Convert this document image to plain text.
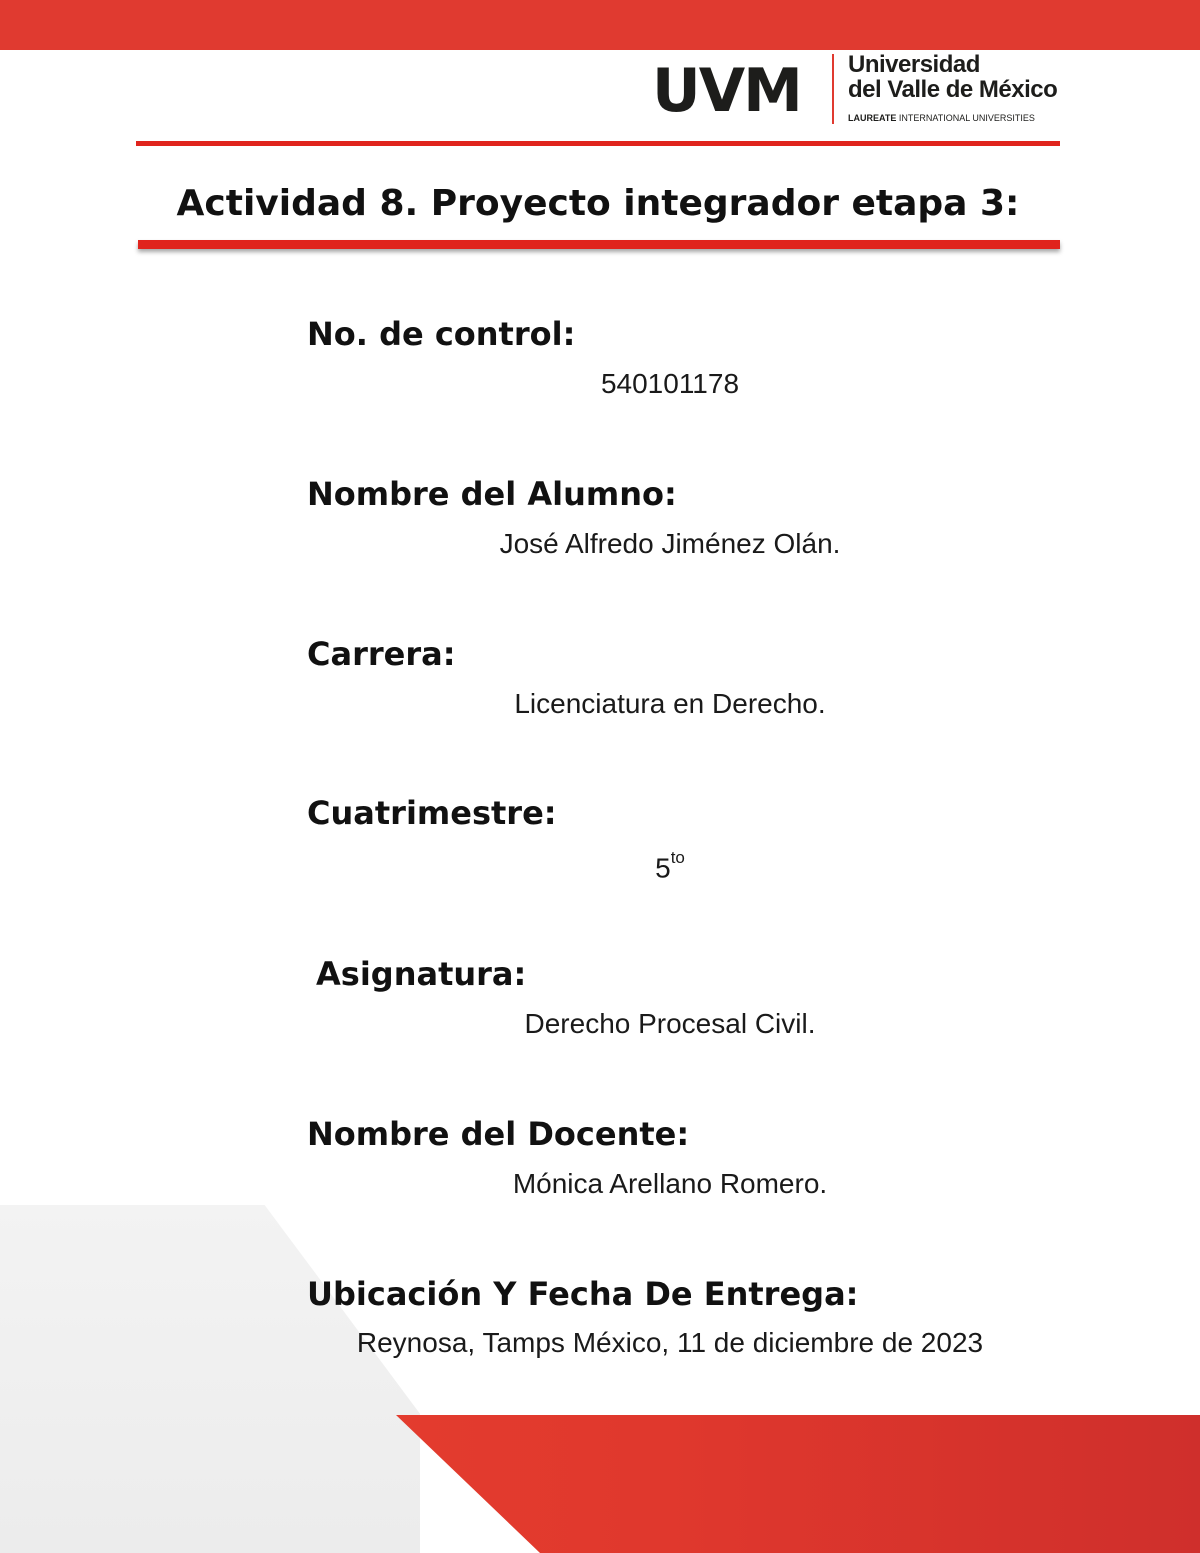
UVM Universidad
del Valle de México
LAUREATE INTERNATIONAL UNIVERSITIES
Actividad 8. Proyecto integrador etapa 3:
No. de control:
540101178
Nombre del Alumno:
José Alfredo Jiménez Olán.
Carrera:
Licenciatura en Derecho.
Cuatrimestre:
$5^{to}$
Asignatura:
Derecho Procesal Civil.
Nombre del Docente:
Mónica Arellano Romero.
Ubicación Y Fecha De Entrega:
Reynosa, Tamps México, 11 de diciembre de 2023
